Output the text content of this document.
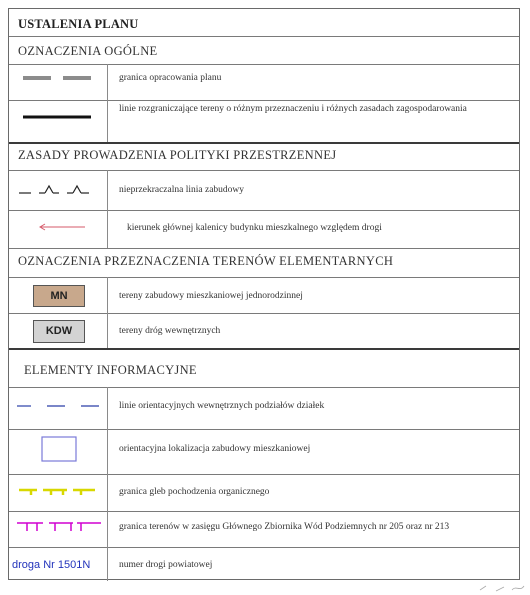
USTALENIA PLANU
OZNACZENIA OGÓLNE
granica opracowania planu
linie rozgraniczające tereny o różnym przeznaczeniu i różnych zasadach zagospodarowania
ZASADY PROWADZENIA POLITYKI PRZESTRZENNEJ
nieprzekraczalna linia zabudowy
kierunek głównej kalenicy budynku mieszkalnego względem drogi
OZNACZENIA PRZEZNACZENIA TERENÓW ELEMENTARNYCH
MN	tereny zabudowy mieszkaniowej jednorodzinnej
KDW	tereny dróg wewnętrznych
ELEMENTY INFORMACYJNE
linie orientacyjnych wewnętrznych podziałów działek
orientacyjna lokalizacja zabudowy mieszkaniowej
granica gleb pochodzenia organicznego
granica terenów w zasięgu Głównego Zbiornika Wód Podziemnych nr 205 oraz nr 213
droga Nr 1501N	numer drogi powiatowej
